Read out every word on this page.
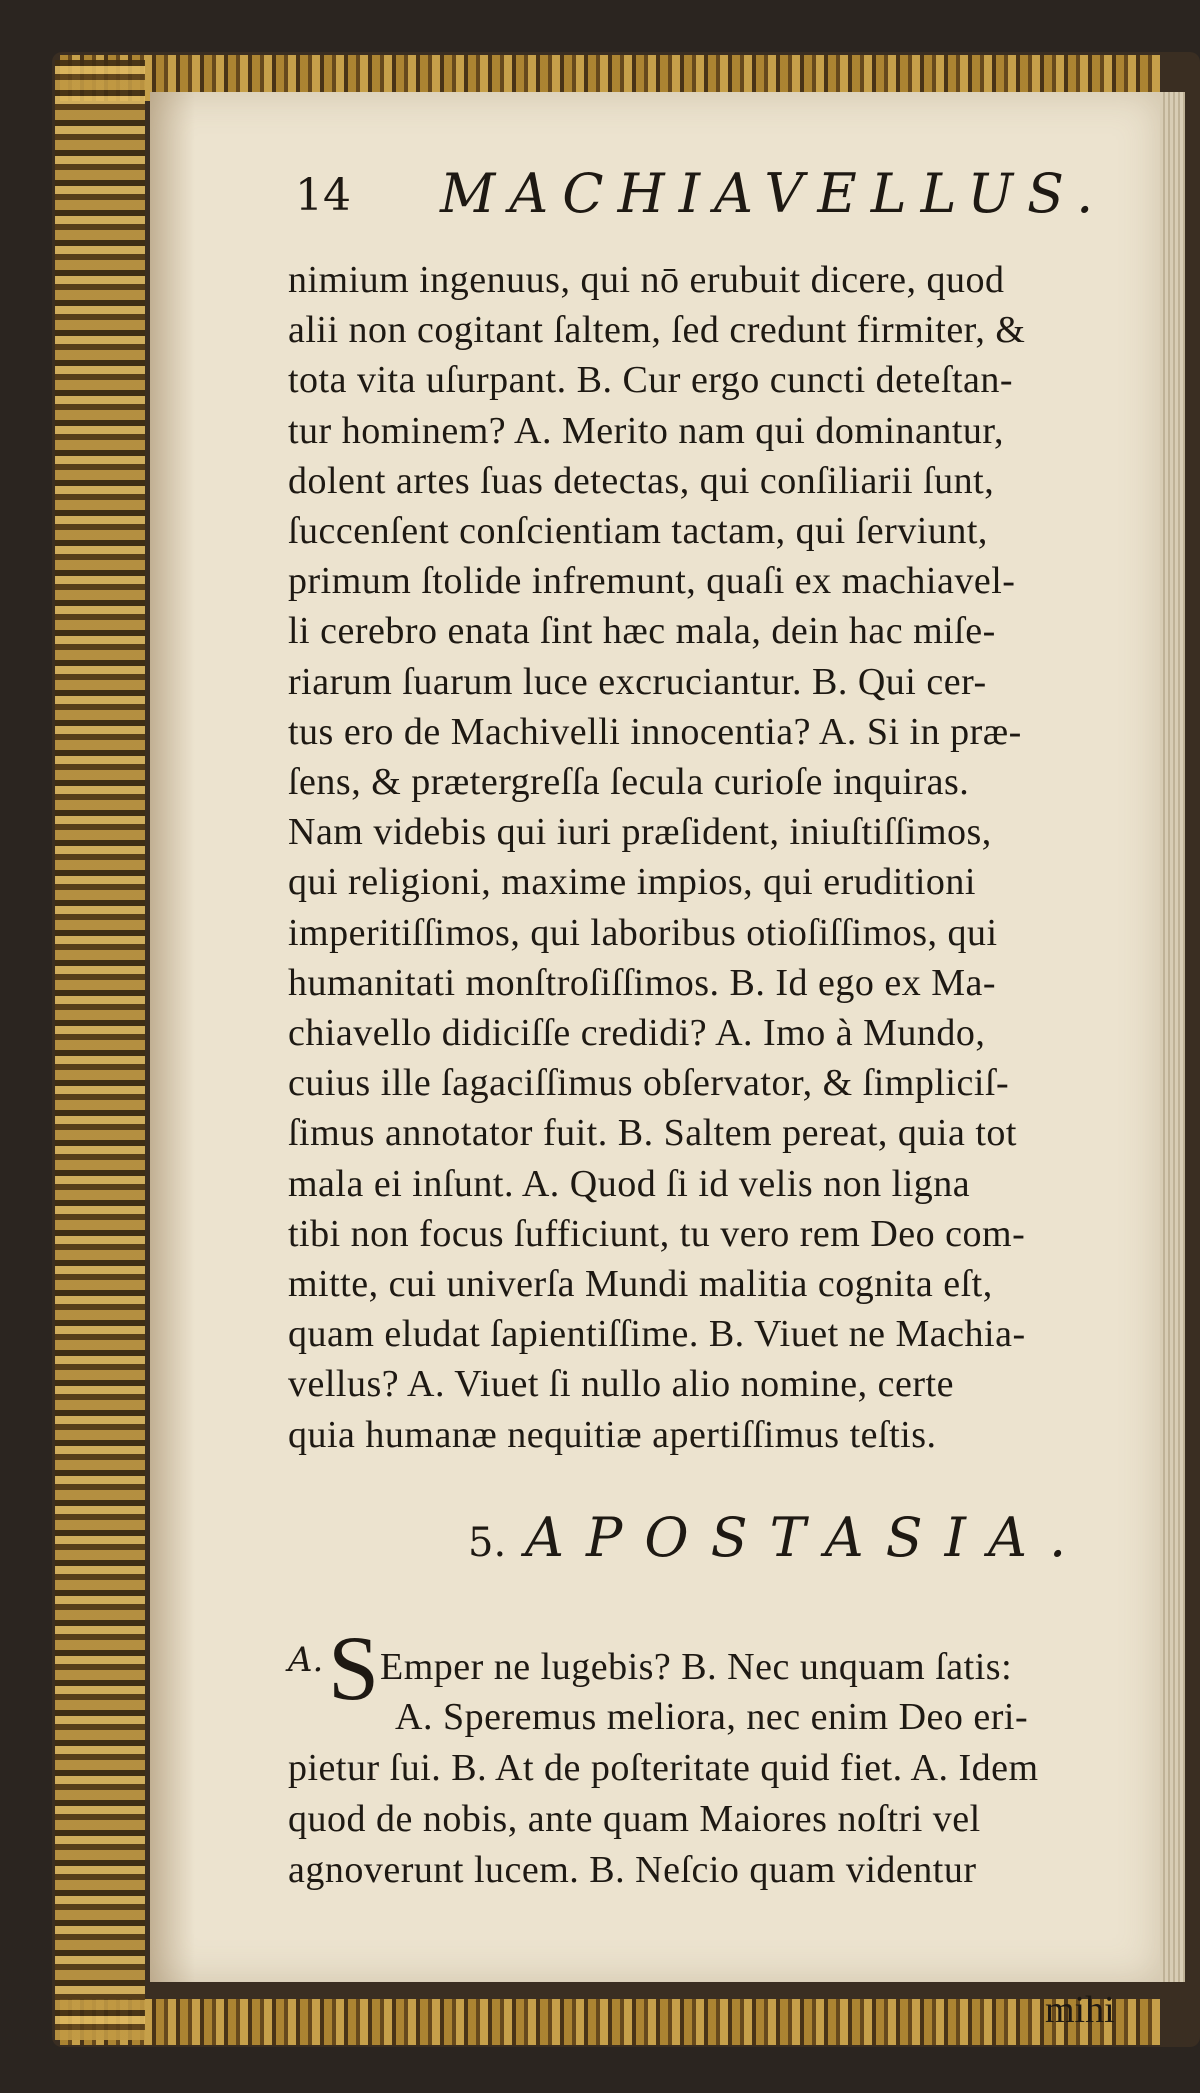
14 MACHIAVELLUS.
nimium ingenuus, qui nō erubuit dicere, quod
alii non cogitant ſaltem, ſed credunt firmiter, &
tota vita uſurpant. B. Cur ergo cuncti deteſtan-
tur hominem? A. Merito nam qui dominantur,
dolent artes ſuas detectas, qui conſiliarii ſunt,
ſuccenſent conſcientiam tactam, qui ſerviunt,
primum ſtolide infremunt, quaſi ex machiavel-
li cerebro enata ſint hæc mala, dein hac miſe-
riarum ſuarum luce excruciantur. B. Qui cer-
tus ero de Machivelli innocentia? A. Si in præ-
ſens, & prætergreſſa ſecula curioſe inquiras.
Nam videbis qui iuri præſident, iniuſtiſſimos,
qui religioni, maxime impios, qui eruditioni
imperitiſſimos, qui laboribus otioſiſſimos, qui
humanitati monſtroſiſſimos. B. Id ego ex Ma-
chiavello didiciſſe credidi? A. Imo à Mundo,
cuius ille ſagaciſſimus obſervator, & ſimpliciſ-
ſimus annotator fuit. B. Saltem pereat, quia tot
mala ei inſunt. A. Quod ſi id velis non ligna
tibi non focus ſufficiunt, tu vero rem Deo com-
mitte, cui univerſa Mundi malitia cognita eſt,
quam eludat ſapientiſſime. B. Viuet ne Machia-
vellus? A. Viuet ſi nullo alio nomine, certe
quia humanæ nequitiæ apertiſſimus teſtis.
5. APOSTASIA.
A. S Emper ne lugebis? B. Nec unquam ſatis:
A. Speremus meliora, nec enim Deo eri-
pietur ſui. B. At de poſteritate quid fiet. A. Idem
quod de nobis, ante quam Maiores noſtri vel
agnoverunt lucem. B. Neſcio quam videntur
mihi
